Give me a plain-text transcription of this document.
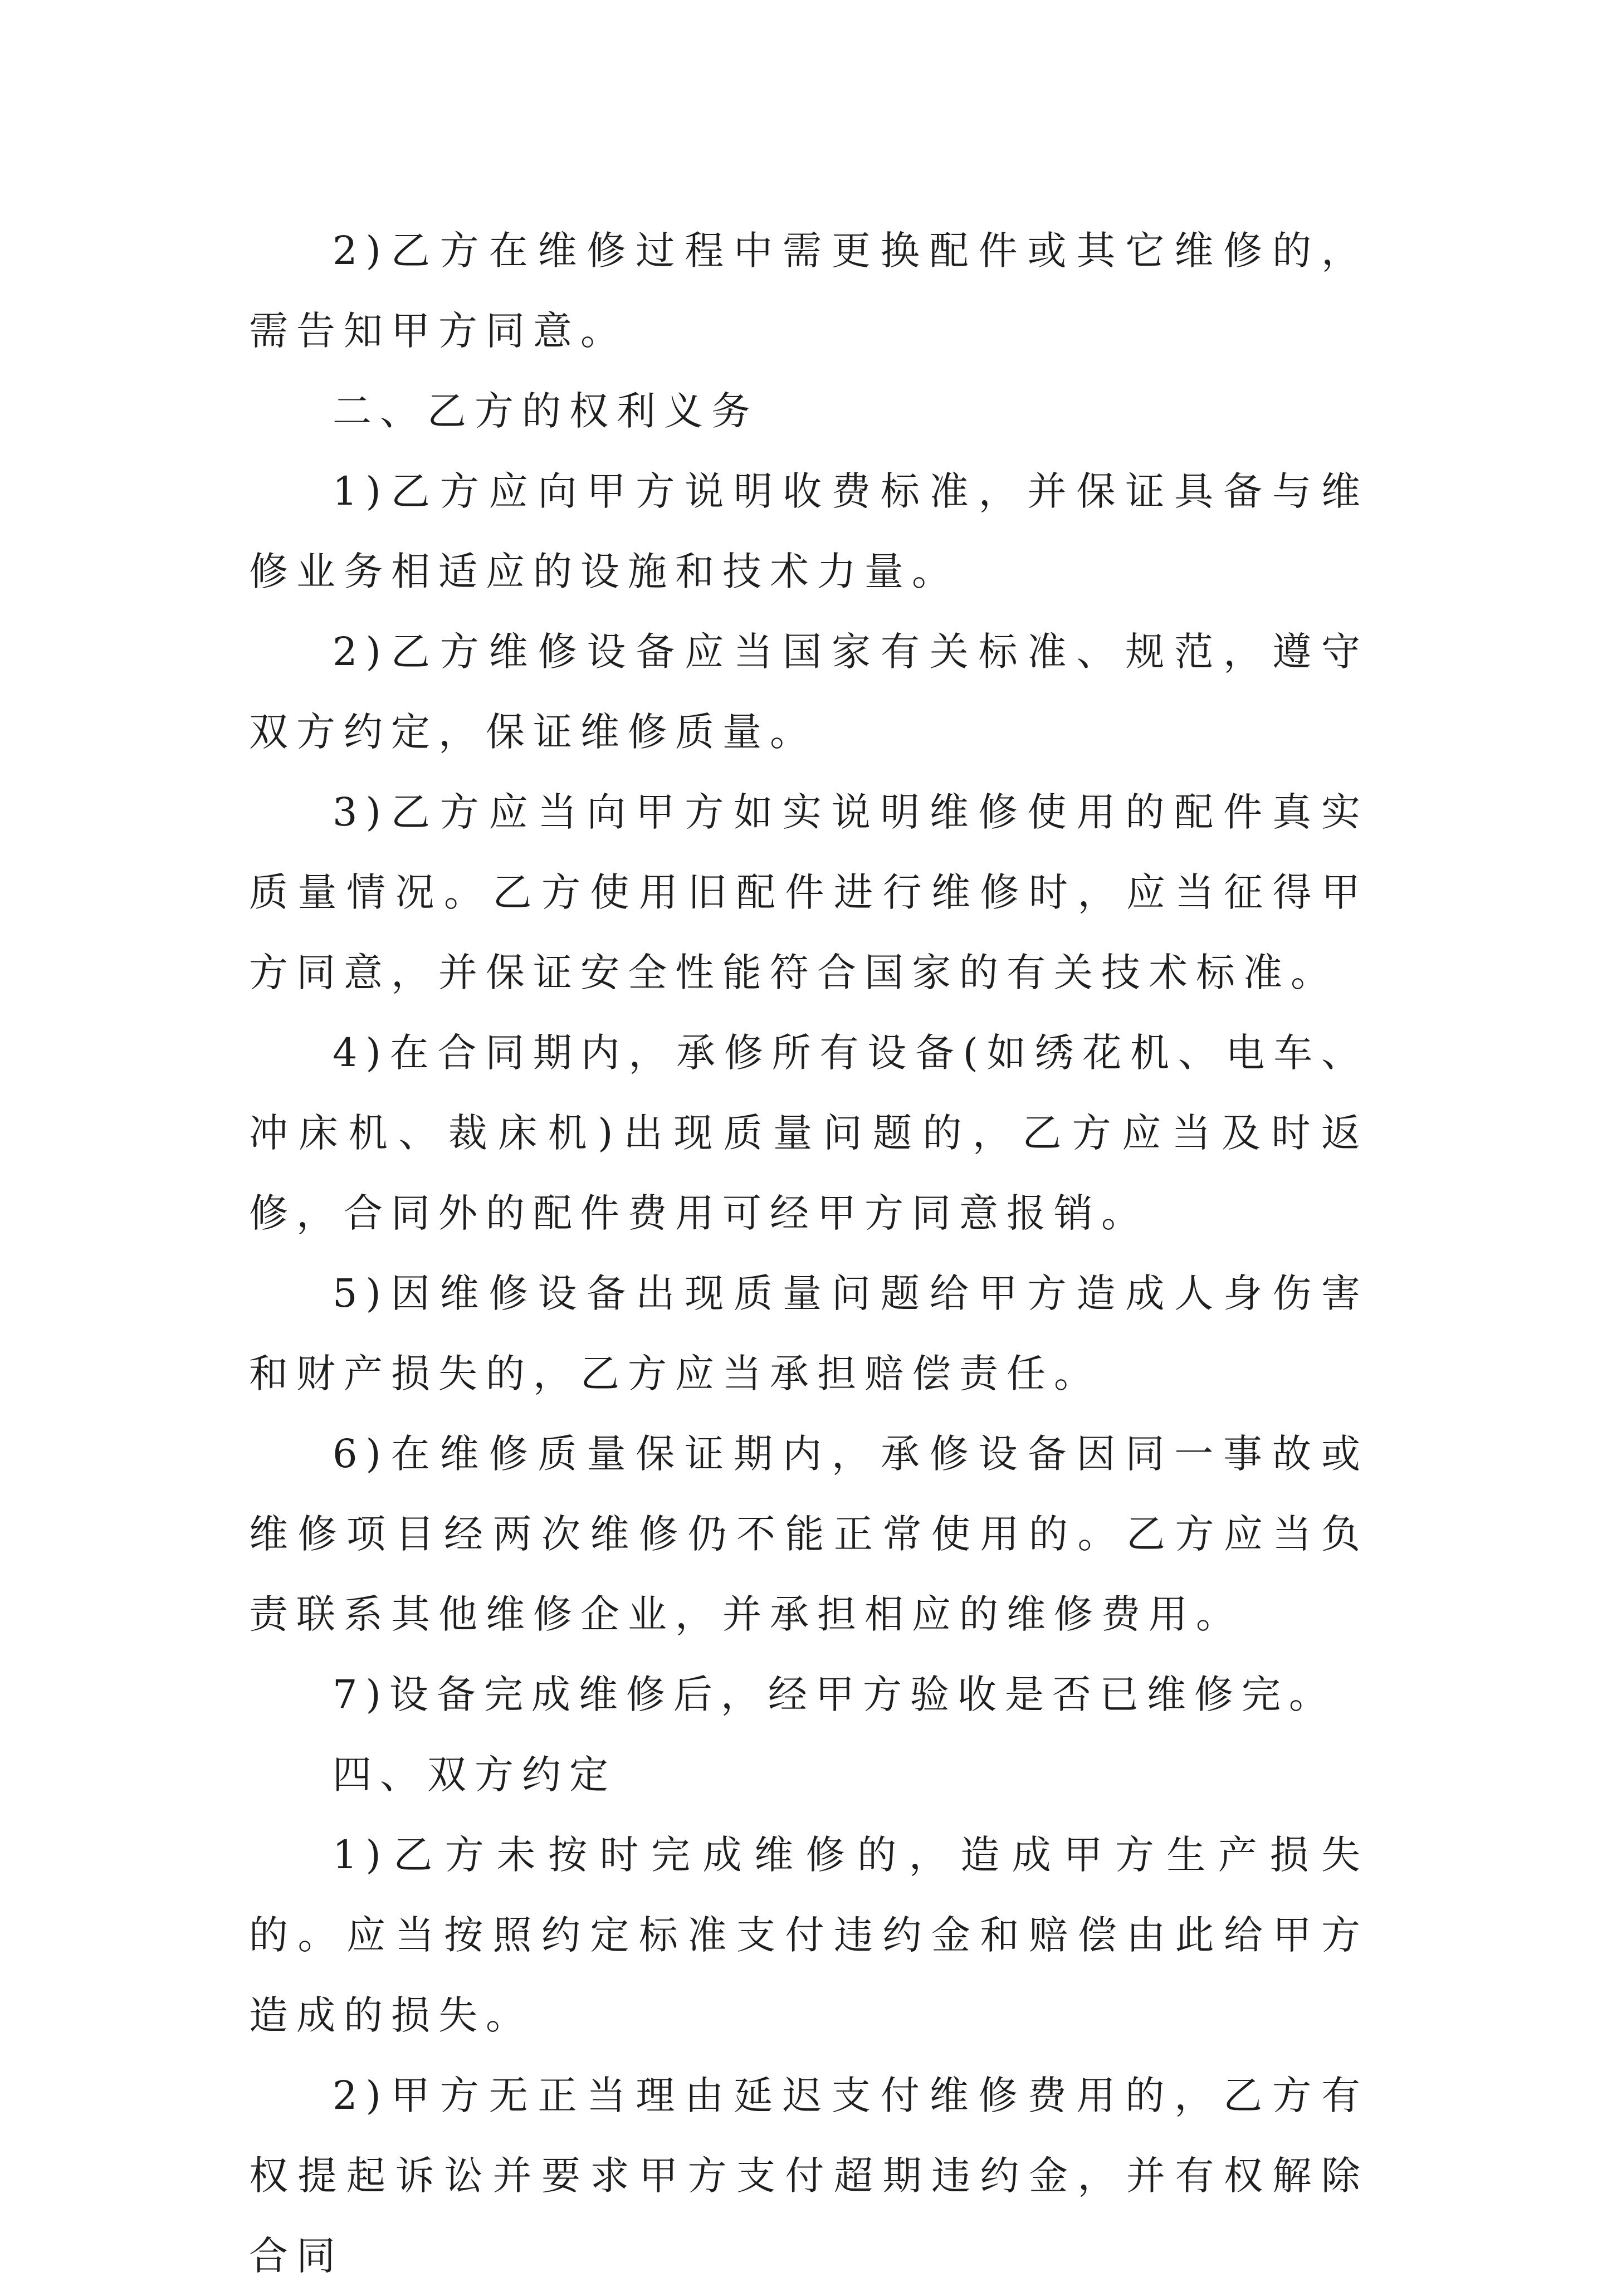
2)乙方在维修过程中需更换配件或其它维修的，需告知甲方同意。

二、乙方的权利义务

1)乙方应向甲方说明收费标准，并保证具备与维修业务相适应的设施和技术力量。

2)乙方维修设备应当国家有关标准、规范，遵守双方约定，保证维修质量。

3)乙方应当向甲方如实说明维修使用的配件真实质量情况。乙方使用旧配件进行维修时，应当征得甲方同意，并保证安全性能符合国家的有关技术标准。

4)在合同期内，承修所有设备(如绣花机、电车、冲床机、裁床机)出现质量问题的，乙方应当及时返修，合同外的配件费用可经甲方同意报销。

5)因维修设备出现质量问题给甲方造成人身伤害和财产损失的，乙方应当承担赔偿责任。

6)在维修质量保证期内，承修设备因同一事故或维修项目经两次维修仍不能正常使用的。乙方应当负责联系其他维修企业，并承担相应的维修费用。

7)设备完成维修后，经甲方验收是否已维修完。

四、双方约定

1)乙方未按时完成维修的，造成甲方生产损失的。应当按照约定标准支付违约金和赔偿由此给甲方造成的损失。

2)甲方无正当理由延迟支付维修费用的，乙方有权提起诉讼并要求甲方支付超期违约金，并有权解除合同
